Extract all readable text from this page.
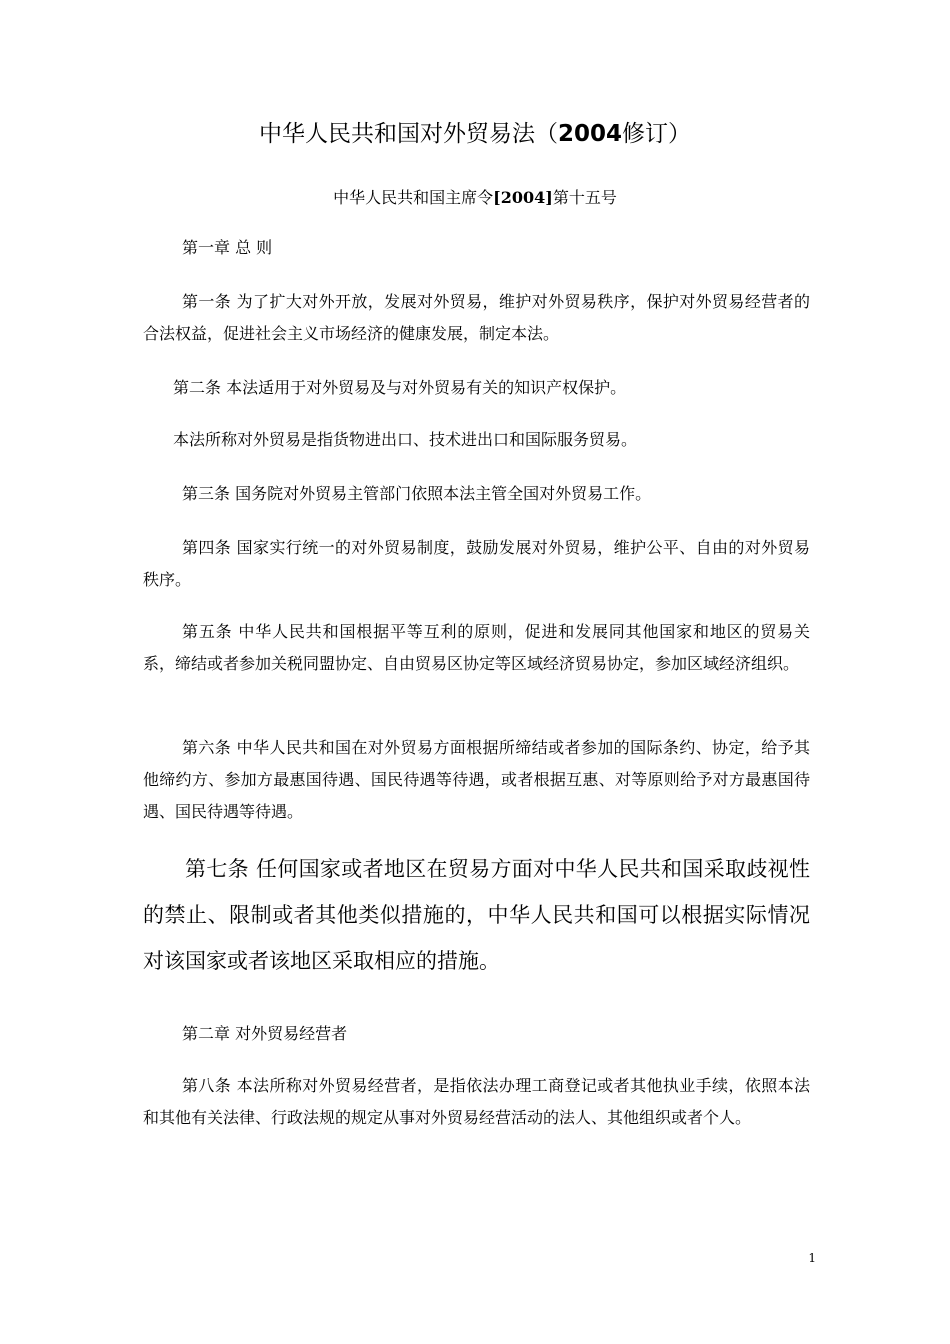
中华人民共和国对外贸易法（2004修订）
中华人民共和国主席令[2004]第十五号
第一章 总 则
第一条 为了扩大对外开放，发展对外贸易，维护对外贸易秩序，保护对外贸易经营者的合法权益，促进社会主义市场经济的健康发展，制定本法。
第二条 本法适用于对外贸易及与对外贸易有关的知识产权保护。
本法所称对外贸易是指货物进出口、技术进出口和国际服务贸易。
第三条 国务院对外贸易主管部门依照本法主管全国对外贸易工作。
第四条 国家实行统一的对外贸易制度，鼓励发展对外贸易，维护公平、自由的对外贸易秩序。
第五条 中华人民共和国根据平等互利的原则，促进和发展同其他国家和地区的贸易关系，缔结或者参加关税同盟协定、自由贸易区协定等区域经济贸易协定，参加区域经济组织。
第六条 中华人民共和国在对外贸易方面根据所缔结或者参加的国际条约、协定，给予其他缔约方、参加方最惠国待遇、国民待遇等待遇，或者根据互惠、对等原则给予对方最惠国待遇、国民待遇等待遇。
第七条 任何国家或者地区在贸易方面对中华人民共和国采取歧视性的禁止、限制或者其他类似措施的，中华人民共和国可以根据实际情况对该国家或者该地区采取相应的措施。
第二章 对外贸易经营者
第八条 本法所称对外贸易经营者，是指依法办理工商登记或者其他执业手续，依照本法和其他有关法律、行政法规的规定从事对外贸易经营活动的法人、其他组织或者个人。
1
